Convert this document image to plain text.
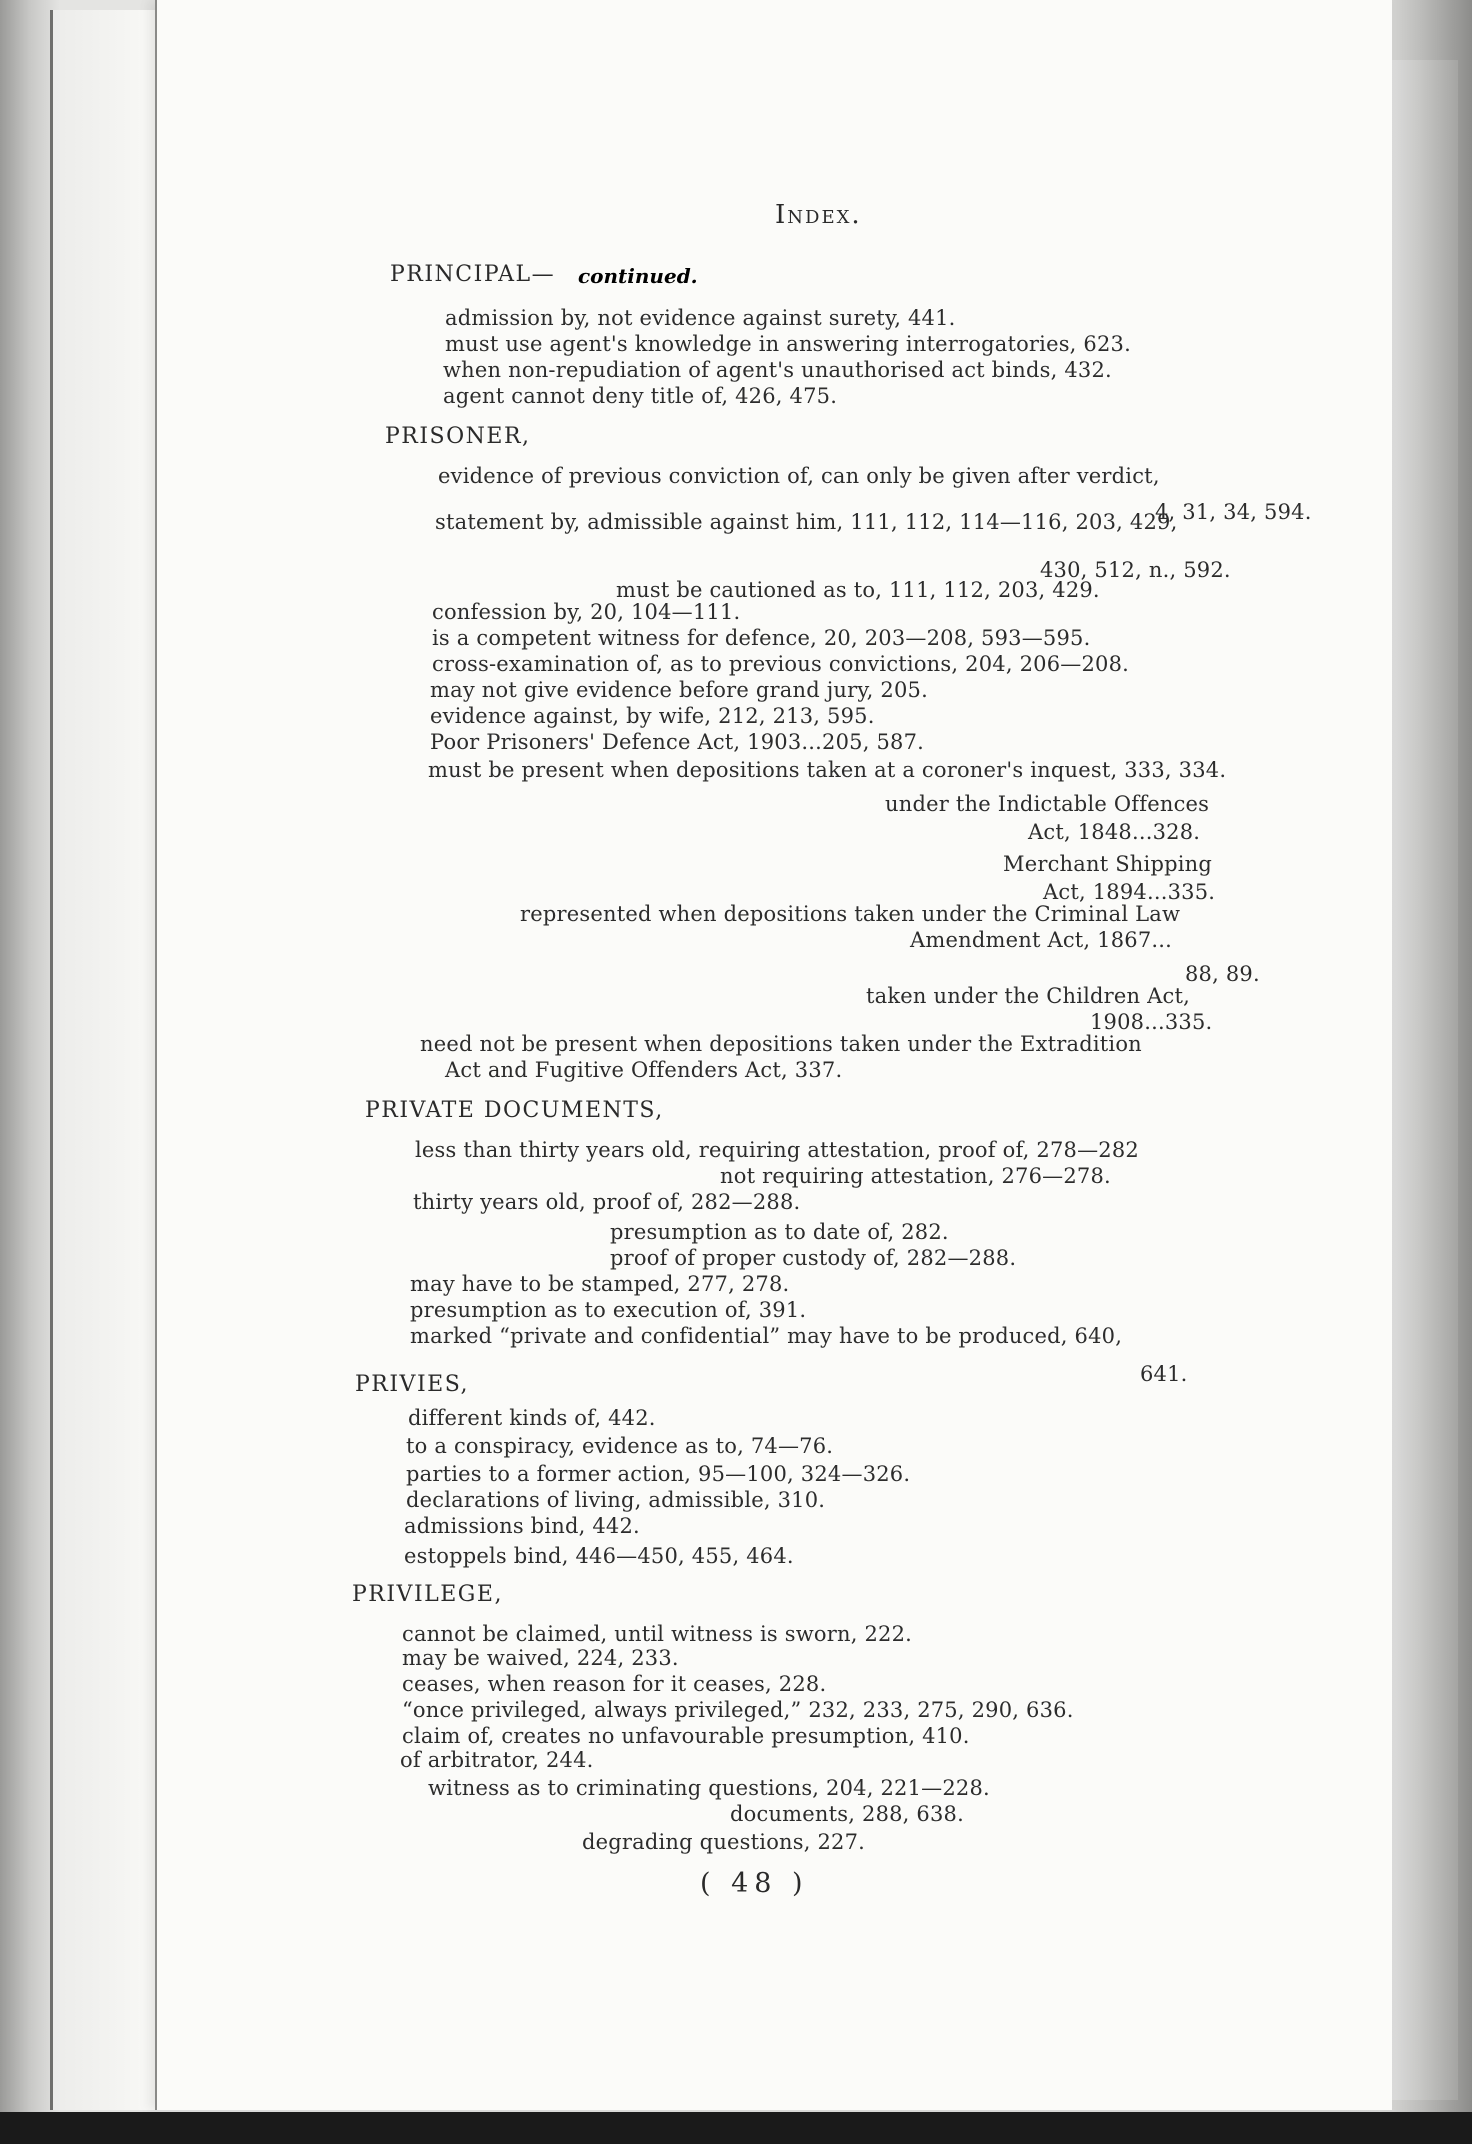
Index.
PRINCIPAL— continued.
admission by, not evidence against surety, 441.
must use agent's knowledge in answering interrogatories, 623.
when non-repudiation of agent's unauthorised act binds, 432.
agent cannot deny title of, 426, 475.
PRISONER,
evidence of previous conviction of, can only be given after verdict,
4, 31, 34, 594.
statement by, admissible against him, 111, 112, 114—116, 203, 429,
430, 512, n., 592.
must be cautioned as to, 111, 112, 203, 429.
confession by, 20, 104—111.
is a competent witness for defence, 20, 203—208, 593—595.
cross-examination of, as to previous convictions, 204, 206—208.
may not give evidence before grand jury, 205.
evidence against, by wife, 212, 213, 595.
Poor Prisoners' Defence Act, 1903...205, 587.
must be present when depositions taken at a coroner's inquest, 333, 334.
under the Indictable Offences
Act, 1848...328.
Merchant Shipping
Act, 1894...335.
represented when depositions taken under the Criminal Law
Amendment Act, 1867...
88, 89.
taken under the Children Act,
1908...335.
need not be present when depositions taken under the Extradition
Act and Fugitive Offenders Act, 337.
PRIVATE DOCUMENTS,
less than thirty years old, requiring attestation, proof of, 278—282
not requiring attestation, 276—278.
thirty years old, proof of, 282—288.
presumption as to date of, 282.
proof of proper custody of, 282—288.
may have to be stamped, 277, 278.
presumption as to execution of, 391.
marked “private and confidential” may have to be produced, 640,
641.
PRIVIES,
different kinds of, 442.
to a conspiracy, evidence as to, 74—76.
parties to a former action, 95—100, 324—326.
declarations of living, admissible, 310.
admissions bind, 442.
estoppels bind, 446—450, 455, 464.
PRIVILEGE,
cannot be claimed, until witness is sworn, 222.
may be waived, 224, 233.
ceases, when reason for it ceases, 228.
“once privileged, always privileged,” 232, 233, 275, 290, 636.
claim of, creates no unfavourable presumption, 410.
of arbitrator, 244.
witness as to criminating questions, 204, 221—228.
documents, 288, 638.
degrading questions, 227.
( 48 )
